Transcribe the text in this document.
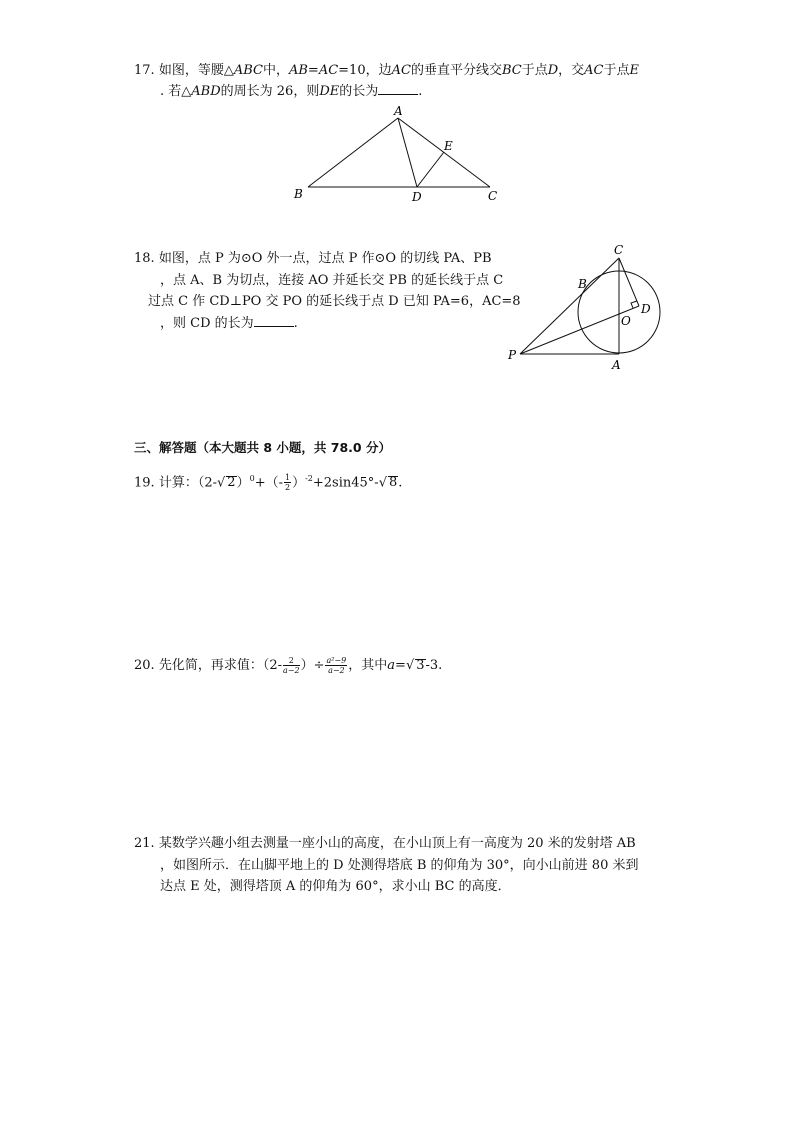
17. 如图，等腰△ABC中，AB=AC=10，边AC的垂直平分线交BC于点D，交AC于点E
. 若△ABD的周长为 26，则DE的长为	.
A
B	C
D
E
18. 如图，点 P 为⊙O 外一点，过点 P 作⊙O 的切线 PA、PB
，点 A、B 为切点，连接 AO 并延长交 PB 的延长线于点 C
过点 C 作 CD⊥PO 交 PO 的延长线于点 D 已知 PA=6，AC=8
，则 CD 的长为	.
C
B
D
O
P
A
三、解答题（本大题共 8 小题，共 78.0 分）
19. 计算：（2-√ $2)^0+(- \frac{1}{2} )^{-2}+2\sin 45^\circ-√$ 8.
20. 先化简，再求值：（$2- \frac{2}{a-2}$ ）÷ $\frac{\text{a²−9}}{a-2}$ ，其中a=√ 3-3.
21. 某数学兴趣小组去测量一座小山的高度，在小山顶上有一高度为 20 米的发射塔 AB
，如图所示．在山脚平地上的 D 处测得塔底 B 的仰角为 30°，向小山前进 80 米到
达点 E 处，测得塔顶 A 的仰角为 60°，求小山 BC 的高度．
